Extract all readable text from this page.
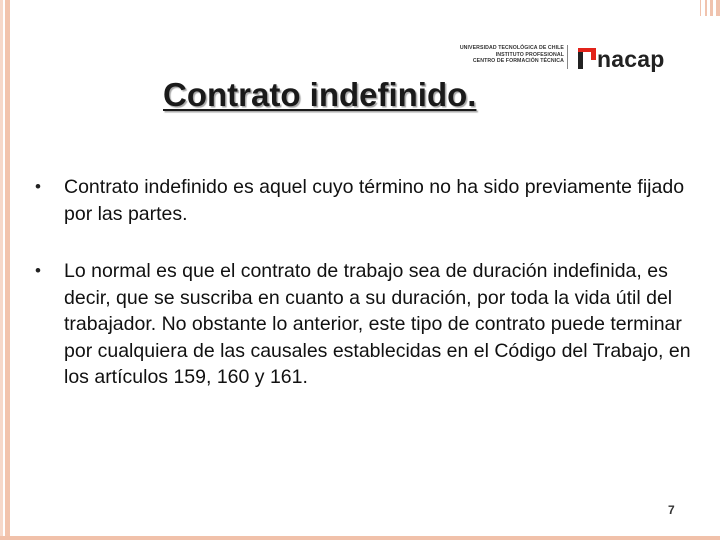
UNIVERSIDAD TECNOLÓGICA DE CHILE
INSTITUTO PROFESIONAL
CENTRO DE FORMACIÓN TÉCNICA nacap
Contrato indefinido.
•	Contrato indefinido es aquel cuyo término no ha sido previamente fijado por las partes.
•	Lo normal es que el contrato de trabajo sea de duración indefinida, es decir, que se suscriba en cuanto a su duración, por toda la vida útil del trabajador. No obstante lo anterior, este tipo de contrato puede terminar por cualquiera de las causales establecidas en el Código del Trabajo, en los artículos 159, 160 y 161.
7
